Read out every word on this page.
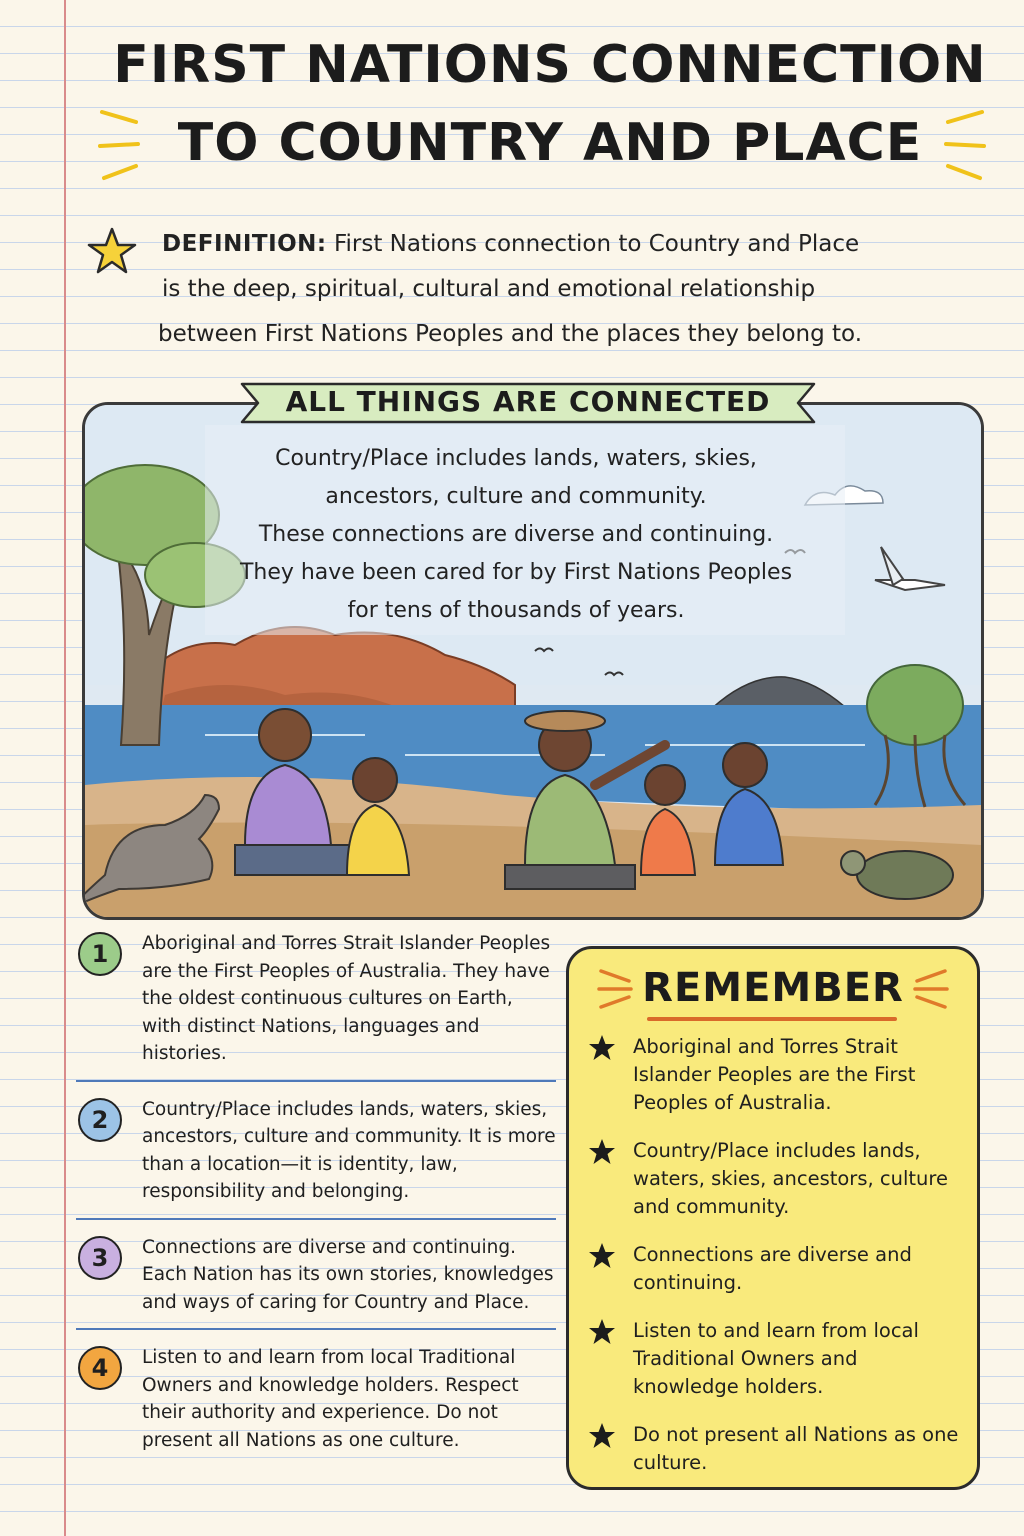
FIRST NATIONS CONNECTION TO COUNTRY AND PLACE
DEFINITION: First Nations connection to Country and Place
is the deep, spiritual, cultural and emotional relationship
between First Nations Peoples and the places they belong to.
ALL THINGS ARE CONNECTED
Country/Place includes lands, waters, skies,
ancestors, culture and community.
These connections are diverse and continuing.
They have been cared for by First Nations Peoples
for tens of thousands of years.
1	Aboriginal and Torres Strait Islander Peoples are the First Peoples of Australia. They have the oldest continuous cultures on Earth, with distinct Nations, languages and histories.
2	Country/Place includes lands, waters, skies, ancestors, culture and community. It is more than a location—it is identity, law, responsibility and belonging.
3	Connections are diverse and continuing. Each Nation has its own stories, knowledges and ways of caring for Country and Place.
4	Listen to and learn from local Traditional Owners and knowledge holders. Respect their authority and experience. Do not present all Nations as one culture.
REMEMBER
Aboriginal and Torres Strait Islander Peoples are the First Peoples of Australia.
Country/Place includes lands, waters, skies, ancestors, culture and community.
Connections are diverse and continuing.
Listen to and learn from local Traditional Owners and knowledge holders.
Do not present all Nations as one culture.
